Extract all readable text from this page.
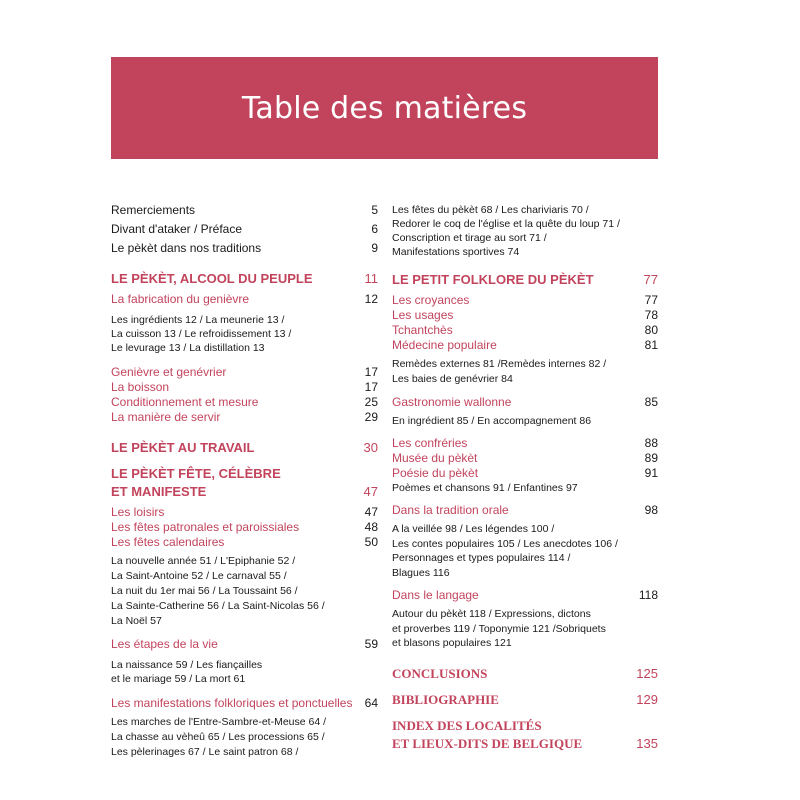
Table des matières
Remerciements	5
Divant d'ataker / Préface	6
Le pèkèt dans nos traditions	9
LE PÈKÈT, ALCOOL DU PEUPLE	11
La fabrication du genièvre	12
Les ingrédients 12 / La meunerie 13 /
La cuisson 13 / Le refroidissement 13 /
Le levurage 13 / La distillation 13
Genièvre et genévrier	17
La boisson	17
Conditionnement et mesure	25
La manière de servir	29
LE PÈKÈT AU TRAVAIL	30
LE PÈKÈT FÊTE, CÉLÈBRE
ET MANIFESTE	47
Les loisirs	47
Les fêtes patronales et paroissiales	48
Les fêtes calendaires	50
La nouvelle année 51 / L'Epiphanie 52 /
La Saint-Antoine 52 / Le carnaval 55 /
La nuit du 1er mai 56 / La Toussaint 56 /
La Sainte-Catherine 56 / La Saint-Nicolas 56 /
La Noël 57
Les étapes de la vie	59
La naissance 59 / Les fiançailles
et le mariage 59 / La mort 61
Les manifestations folkloriques et ponctuelles	64
Les marches de l'Entre-Sambre-et-Meuse 64 /
La chasse au vèheû 65 / Les processions 65 /
Les pèlerinages 67 / Le saint patron 68 /
Les fêtes du pèkèt 68 / Les chariviaris 70 /
Redorer le coq de l'église et la quête du loup 71 /
Conscription et tirage au sort 71 /
Manifestations sportives 74
LE PETIT FOLKLORE DU PÈKÈT	77
Les croyances	77
Les usages	78
Tchantchès	80
Médecine populaire	81
Remèdes externes 81 /Remèdes internes 82 /
Les baies de genévrier 84
Gastronomie wallonne	85
En ingrédient 85 / En accompagnement 86
Les confréries	88
Musée du pèkèt	89
Poésie du pèkèt	91
Poèmes et chansons 91 / Enfantines 97
Dans la tradition orale	98
A la veillée 98 / Les légendes 100 /
Les contes populaires 105 / Les anecdotes 106 /
Personnages et types populaires 114 /
Blagues 116
Dans le langage	118
Autour du pèkèt 118 / Expressions, dictons
et proverbes 119 / Toponymie 121 /Sobriquets
et blasons populaires 121
CONCLUSIONS	125
BIBLIOGRAPHIE	129
INDEX DES LOCALITÉS
ET LIEUX-DITS DE BELGIQUE	135
